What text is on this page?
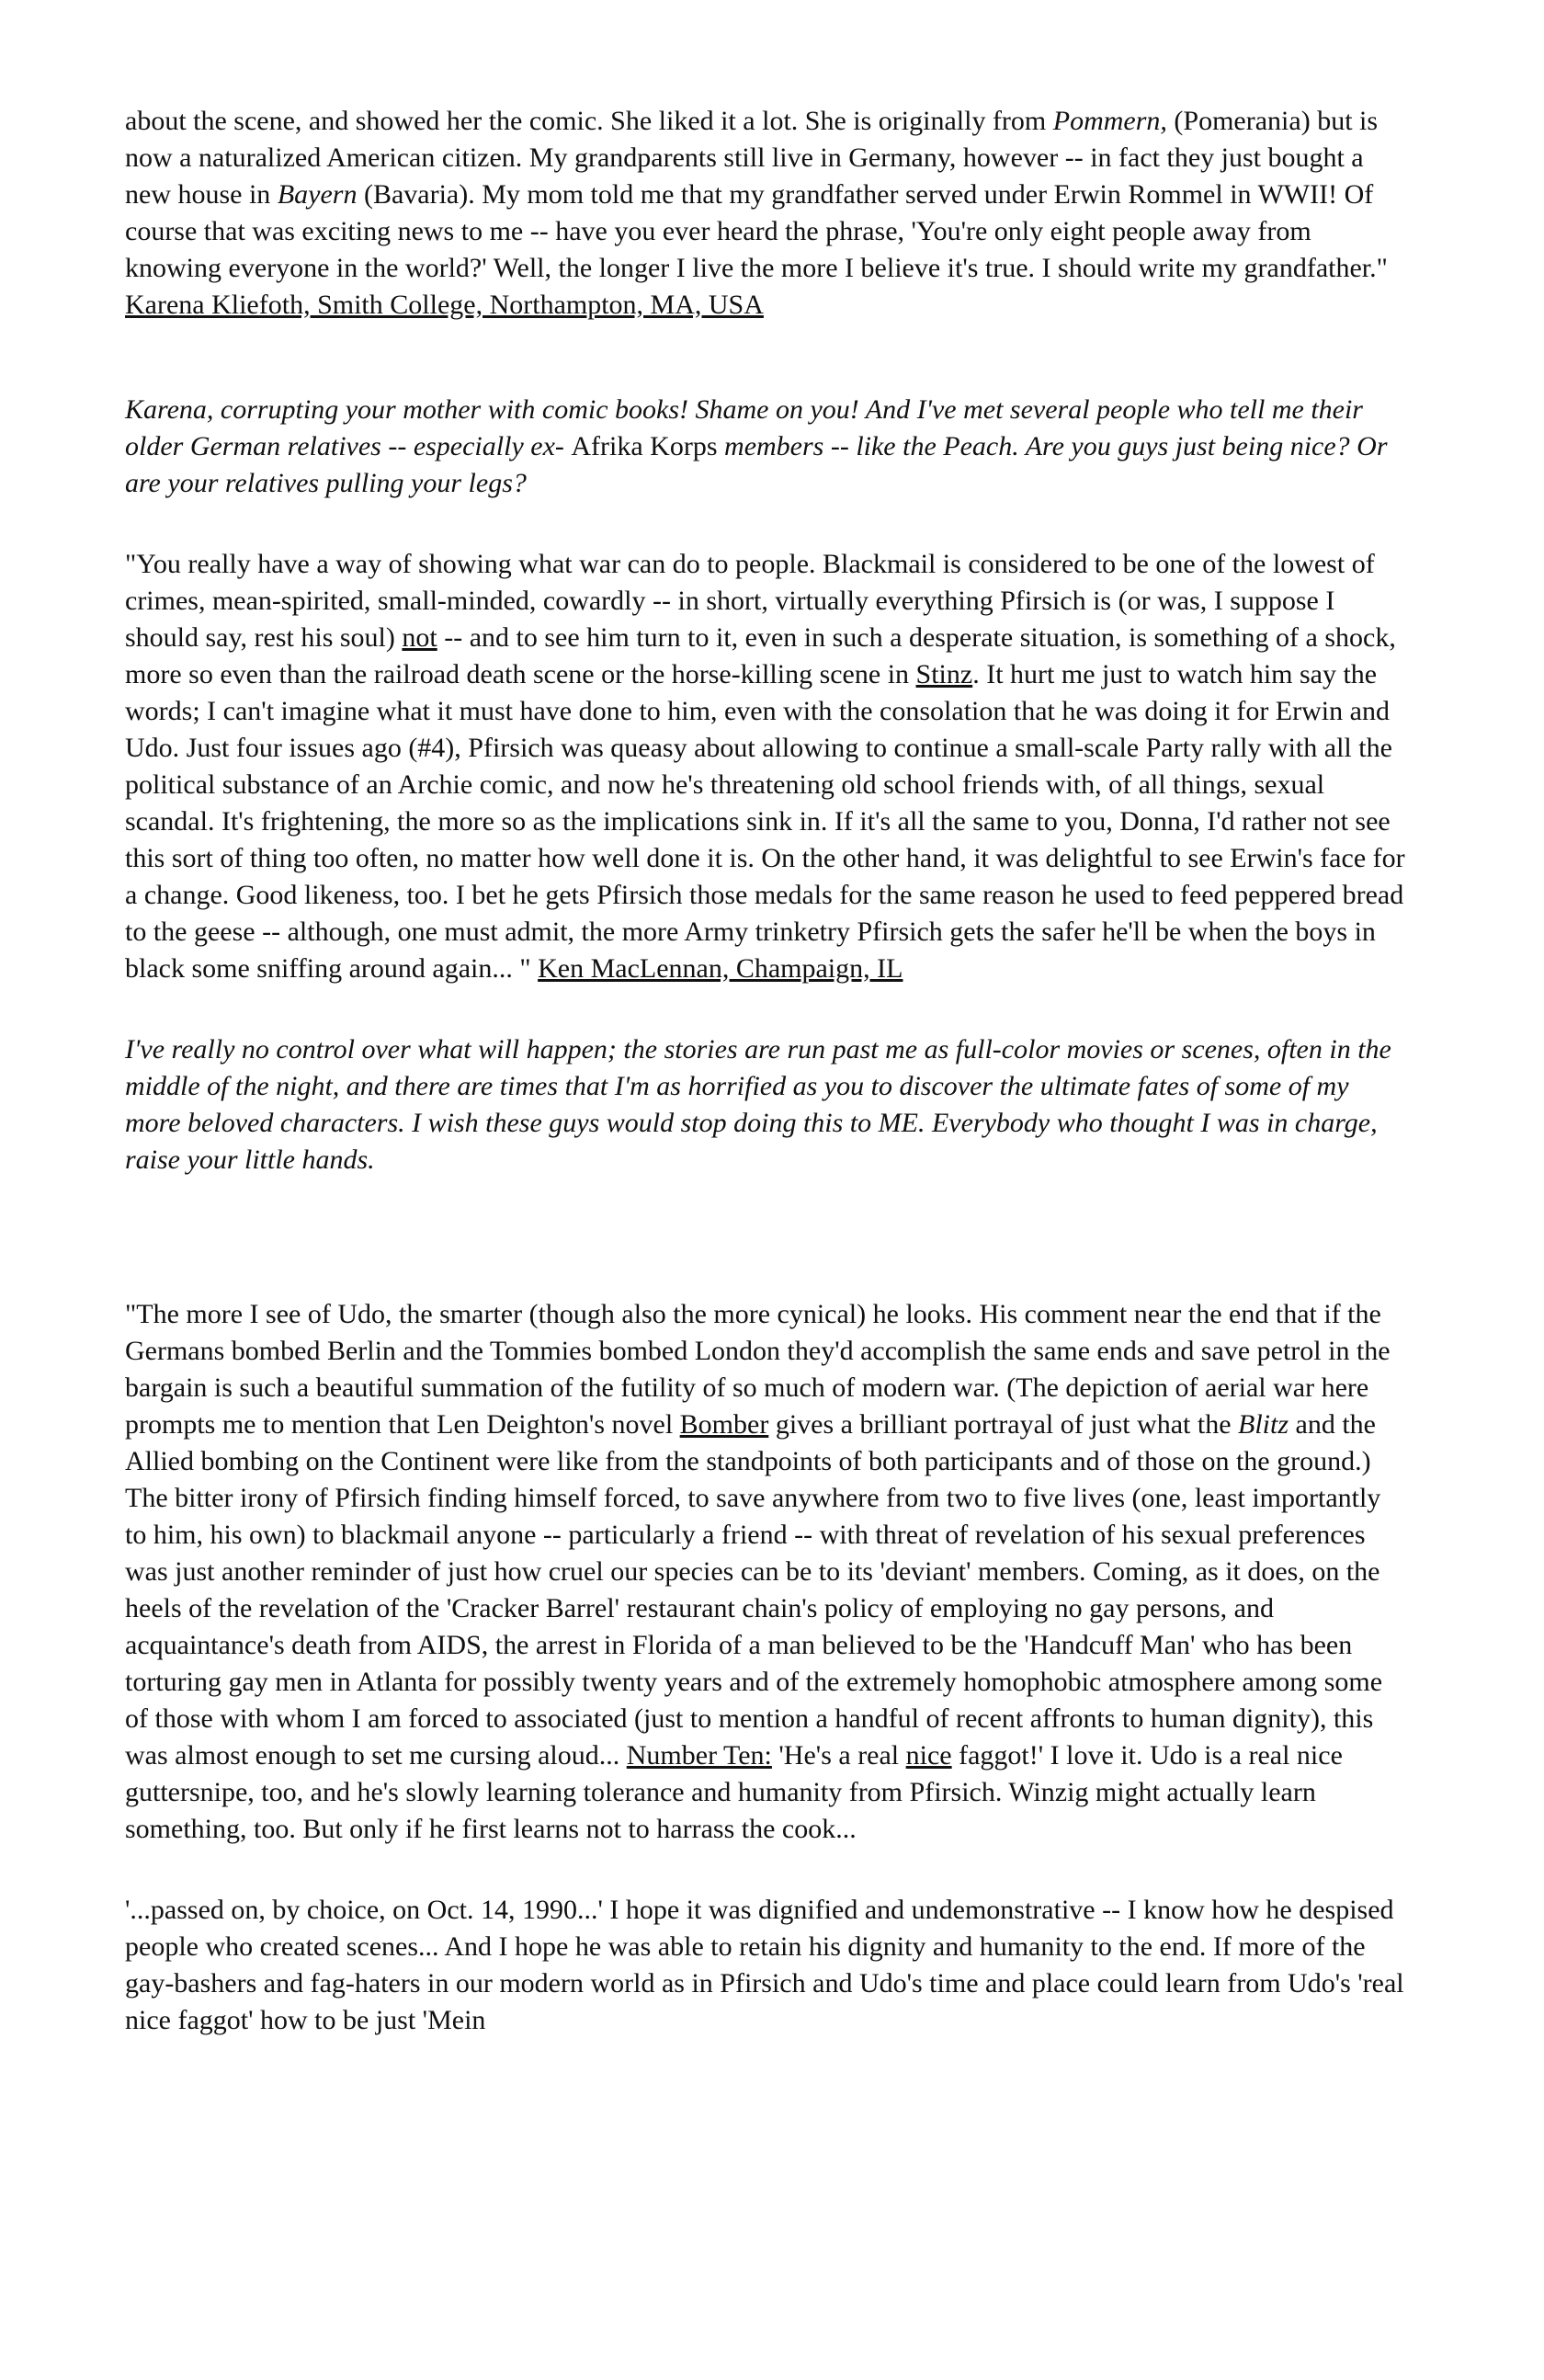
about the scene, and showed her the comic. She liked it a lot. She is originally from Pommern, (Pomerania) but is now a naturalized American citizen. My grandparents still live in Germany, however -- in fact they just bought a new house in Bayern (Bavaria). My mom told me that my grandfather served under Erwin Rommel in WWII! Of course that was exciting news to me -- have you ever heard the phrase, 'You're only eight people away from knowing everyone in the world?' Well, the longer I live the more I believe it's true. I should write my grandfather." Karena Kliefoth, Smith College, Northampton, MA, USA

Karena, corrupting your mother with comic books! Shame on you! And I've met several people who tell me their older German relatives -- especially ex- Afrika Korps members -- like the Peach. Are you guys just being nice? Or are your relatives pulling your legs?

"You really have a way of showing what war can do to people. Blackmail is considered to be one of the lowest of crimes, mean-spirited, small-minded, cowardly -- in short, virtually everything Pfirsich is (or was, I suppose I should say, rest his soul) not -- and to see him turn to it, even in such a desperate situation, is something of a shock, more so even than the railroad death scene or the horse-killing scene in Stinz. It hurt me just to watch him say the words; I can't imagine what it must have done to him, even with the consolation that he was doing it for Erwin and Udo. Just four issues ago (#4), Pfirsich was queasy about allowing to continue a small-scale Party rally with all the political substance of an Archie comic, and now he's threatening old school friends with, of all things, sexual scandal. It's frightening, the more so as the implications sink in. If it's all the same to you, Donna, I'd rather not see this sort of thing too often, no matter how well done it is. On the other hand, it was delightful to see Erwin's face for a change. Good likeness, too. I bet he gets Pfirsich those medals for the same reason he used to feed peppered bread to the geese -- although, one must admit, the more Army trinketry Pfirsich gets the safer he'll be when the boys in black some sniffing around again... " Ken MacLennan, Champaign, IL

I've really no control over what will happen; the stories are run past me as full-color movies or scenes, often in the middle of the night, and there are times that I'm as horrified as you to discover the ultimate fates of some of my more beloved characters. I wish these guys would stop doing this to ME. Everybody who thought I was in charge, raise your little hands.

"The more I see of Udo, the smarter (though also the more cynical) he looks. His comment near the end that if the Germans bombed Berlin and the Tommies bombed London they'd accomplish the same ends and save petrol in the bargain is such a beautiful summation of the futility of so much of modern war. (The depiction of aerial war here prompts me to mention that Len Deighton's novel Bomber gives a brilliant portrayal of just what the Blitz and the Allied bombing on the Continent were like from the standpoints of both participants and of those on the ground.) The bitter irony of Pfirsich finding himself forced, to save anywhere from two to five lives (one, least importantly to him, his own) to blackmail anyone -- particularly a friend -- with threat of revelation of his sexual preferences was just another reminder of just how cruel our species can be to its 'deviant' members. Coming, as it does, on the heels of the revelation of the 'Cracker Barrel' restaurant chain's policy of employing no gay persons, and acquaintance's death from AIDS, the arrest in Florida of a man believed to be the 'Handcuff Man' who has been torturing gay men in Atlanta for possibly twenty years and of the extremely homophobic atmosphere among some of those with whom I am forced to associated (just to mention a handful of recent affronts to human dignity), this was almost enough to set me cursing aloud... Number Ten: 'He's a real nice faggot!' I love it. Udo is a real nice guttersnipe, too, and he's slowly learning tolerance and humanity from Pfirsich. Winzig might actually learn something, too. But only if he first learns not to harrass the cook...

'...passed on, by choice, on Oct. 14, 1990...' I hope it was dignified and undemonstrative -- I know how he despised people who created scenes... And I hope he was able to retain his dignity and humanity to the end. If more of the gay-bashers and fag-haters in our modern world as in Pfirsich and Udo's time and place could learn from Udo's 'real nice faggot' how to be just 'Mein
